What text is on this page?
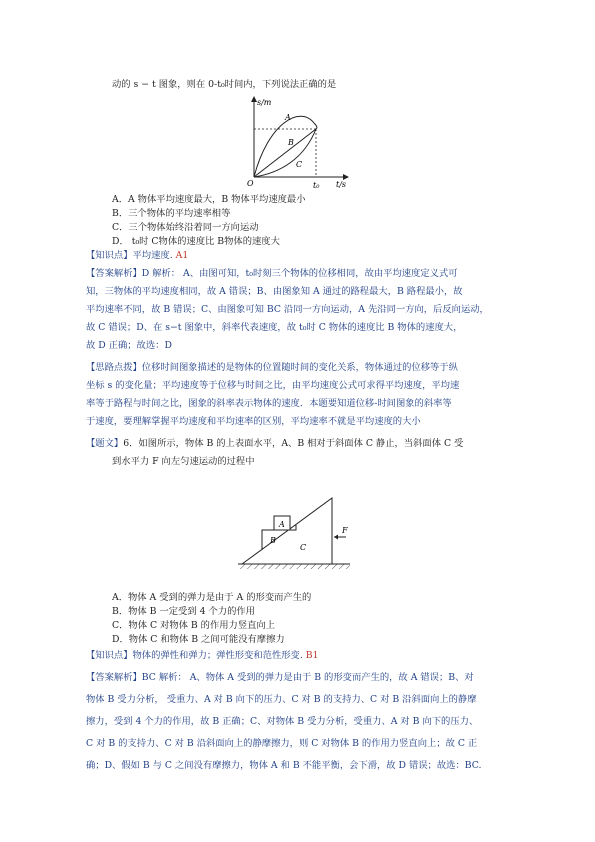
动的 s − t 图象，则在 0-t₀时间内，下列说法正确的是
s/m
t/s
O	t₀
A
B
C
A．A 物体平均速度最大，B 物体平均速度最小
B．三个物体的平均速率相等
C．三个物体始终沿着同一方向运动
D． t₀时 C物体的速度比 B物体的速度大
【知识点】平均速度. A1
【答案解析】D 解析： A、由图可知，t₀时刻三个物体的位移相同，故由平均速度定义式可
知，三物体的平均速度相同，故 A 错误；B、由图象知 A 通过的路程最大，B 路程最小，故
平均速率不同，故 B 错误；C、由图象可知 BC 沿同一方向运动，A 先沿同一方向，后反向运动，
故 C 错误；D、在 s−t 图象中，斜率代表速度，故 t₀时 C 物体的速度比 B 物体的速度大，
故 D 正确；故选：D
【思路点拨】位移时间图象描述的是物体的位置随时间的变化关系，物体通过的位移等于纵
坐标 s 的变化量；平均速度等于位移与时间之比，由平均速度公式可求得平均速度，平均速
率等于路程与时间之比，图象的斜率表示物体的速度．本题要知道位移-时间图象的斜率等
于速度，要理解掌握平均速度和平均速率的区别，平均速率不就是平均速度的大小
【题文】6．如图所示，物体 B 的上表面水平，A、B 相对于斜面体 C 静止，当斜面体 C 受
到水平力 F 向左匀速运动的过程中
A
B
C
F
A．物体 A 受到的弹力是由于 A 的形变而产生的
B．物体 B 一定受到 4 个力的作用
C．物体 C 对物体 B 的作用力竖直向上
D．物体 C 和物体 B 之间可能没有摩擦力
【知识点】物体的弹性和弹力；弹性形变和范性形变. B1
【答案解析】BC 解析： A、物体 A 受到的弹力是由于 B 的形变而产生的，故 A 错误；B、对
物体 B 受力分析， 受重力、A 对 B 向下的压力、C 对 B 的支持力、C 对 B 沿斜面向上的静摩
擦力，受到 4 个力的作用，故 B 正确；C、对物体 B 受力分析，受重力、A 对 B 向下的压力、
C 对 B 的支持力、C 对 B 沿斜面向上的静摩擦力，则 C 对物体 B 的作用力竖直向上；故 C 正
确；D、假如 B 与 C 之间没有摩擦力，物体 A 和 B 不能平衡，会下滑，故 D 错误；故选：BC.
